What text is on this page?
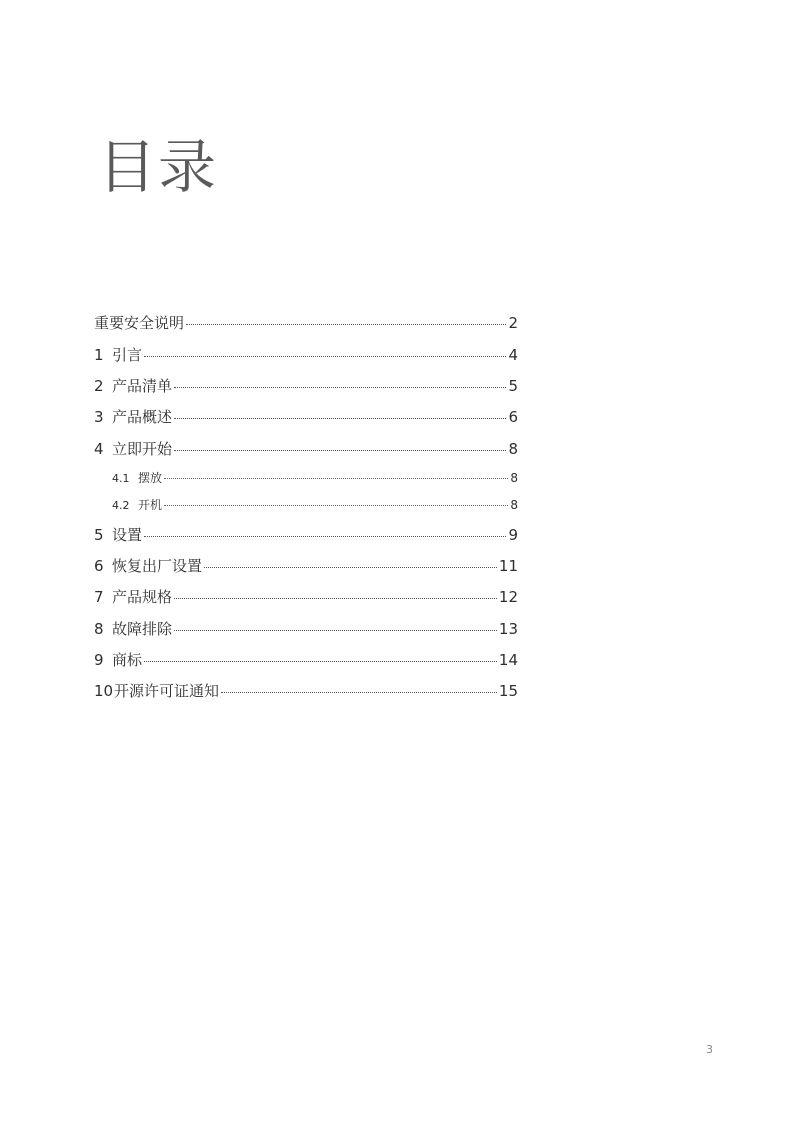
目录
重要安全说明	2
1 引言	4
2 产品清单	5
3 产品概述	6
4 立即开始	8
4.1 摆放	8
4.2 开机	8
5 设置	9
6 恢复出厂设置	11
7 产品规格	12
8 故障排除	13
9 商标	14
10 开源许可证通知	15
3
